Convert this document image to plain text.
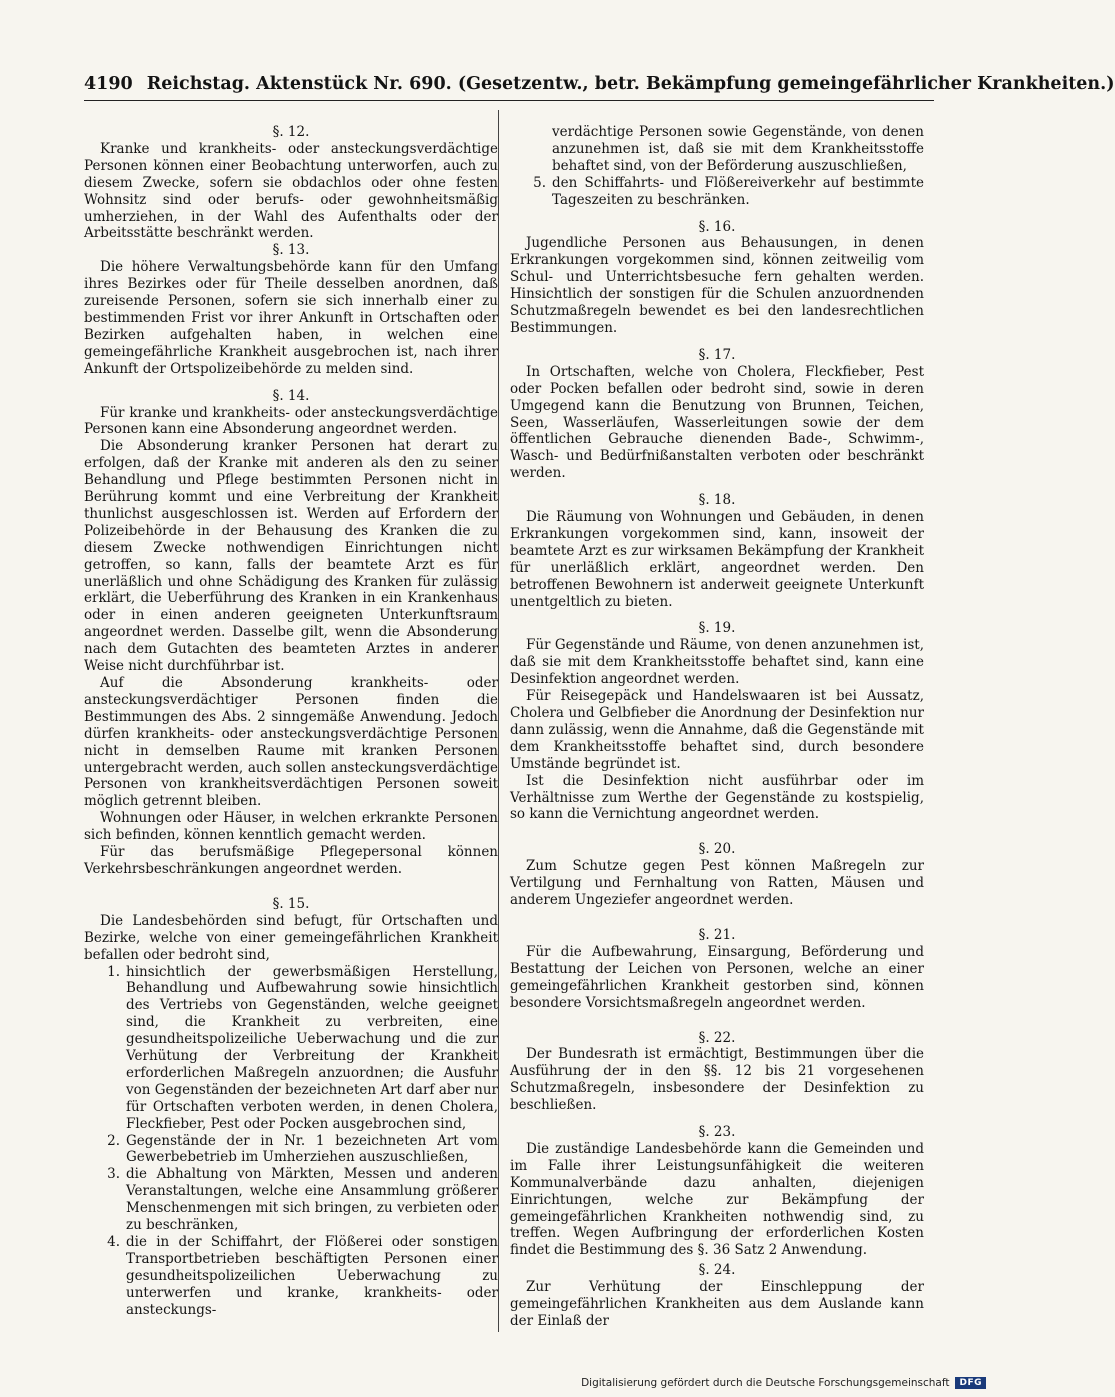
4190 Reichstag.
Aktenstück Nr. 690.
(Gesetzentw., betr. Bekämpfung gemeingefährlicher Krankheiten.)

§. 12.

Kranke und krankheits- oder ansteckungsverdächtige Personen können einer Beobachtung unterworfen, auch zu diesem Zwecke, sofern sie obdachlos oder ohne festen Wohnsitz sind oder berufs- oder gewohnheitsmäßig umherziehen, in der Wahl des Aufenthalts oder der Arbeitsstätte beschränkt werden.

§. 13.

Die höhere Verwaltungsbehörde kann für den Umfang ihres Bezirkes oder für Theile desselben anordnen, daß zureisende Personen, sofern sie sich innerhalb einer zu bestimmenden Frist vor ihrer Ankunft in Ortschaften oder Bezirken aufgehalten haben, in welchen eine gemeingefährliche Krankheit ausgebrochen ist, nach ihrer Ankunft der Ortspolizeibehörde zu melden sind.

§. 14.

Für kranke und krankheits- oder ansteckungsverdächtige Personen kann eine Absonderung angeordnet werden.

Die Absonderung kranker Personen hat derart zu erfolgen, daß der Kranke mit anderen als den zu seiner Behandlung und Pflege bestimmten Personen nicht in Berührung kommt und eine Verbreitung der Krankheit thunlichst ausgeschlossen ist. Werden auf Erfordern der Polizeibehörde in der Behausung des Kranken die zu diesem Zwecke nothwendigen Einrichtungen nicht getroffen, so kann, falls der beamtete Arzt es für unerläßlich und ohne Schädigung des Kranken für zulässig erklärt, die Ueberführung des Kranken in ein Krankenhaus oder in einen anderen geeigneten Unterkunftsraum angeordnet werden. Dasselbe gilt, wenn die Absonderung nach dem Gutachten des beamteten Arztes in anderer Weise nicht durchführbar ist.

Auf die Absonderung krankheits- oder ansteckungsverdächtiger Personen finden die Bestimmungen des Abs. 2 sinngemäße Anwendung. Jedoch dürfen krankheits- oder ansteckungsverdächtige Personen nicht in demselben Raume mit kranken Personen untergebracht werden, auch sollen ansteckungsverdächtige Personen von krankheitsverdächtigen Personen soweit möglich getrennt bleiben.

Wohnungen oder Häuser, in welchen erkrankte Personen sich befinden, können kenntlich gemacht werden.

Für das berufsmäßige Pflegepersonal können Verkehrsbeschränkungen angeordnet werden.

§. 15.

Die Landesbehörden sind befugt, für Ortschaften und Bezirke, welche von einer gemeingefährlichen Krankheit befallen oder bedroht sind,

1. hinsichtlich der gewerbsmäßigen Herstellung, Behandlung und Aufbewahrung sowie hinsichtlich des Vertriebs von Gegenständen, welche geeignet sind, die Krankheit zu verbreiten, eine gesundheitspolizeiliche Ueberwachung und die zur Verhütung der Verbreitung der Krankheit erforderlichen Maßregeln anzuordnen; die Ausfuhr von Gegenständen der bezeichneten Art darf aber nur für Ortschaften verboten werden, in denen Cholera, Fleckfieber, Pest oder Pocken ausgebrochen sind,
2. Gegenstände der in Nr. 1 bezeichneten Art vom Gewerbebetrieb im Umherziehen auszuschließen,
3. die Abhaltung von Märkten, Messen und anderen Veranstaltungen, welche eine Ansammlung größerer Menschenmengen mit sich bringen, zu verbieten oder zu beschränken,
4. die in der Schiffahrt, der Flößerei oder sonstigen Transportbetrieben beschäftigten Personen einer gesundheitspolizeilichen Ueberwachung zu unterwerfen und kranke, krankheits- oder ansteckungs-
verdächtige Personen sowie Gegenstände, von denen anzunehmen ist, daß sie mit dem Krankheitsstoffe behaftet sind, von der Beförderung auszuschließen,
5. den Schiffahrts- und Flößereiverkehr auf bestimmte Tageszeiten zu beschränken.

§. 16.

Jugendliche Personen aus Behausungen, in denen Erkrankungen vorgekommen sind, können zeitweilig vom Schul- und Unterrichtsbesuche fern gehalten werden. Hinsichtlich der sonstigen für die Schulen anzuordnenden Schutzmaßregeln bewendet es bei den landesrechtlichen Bestimmungen.

§. 17.

In Ortschaften, welche von Cholera, Fleckfieber, Pest oder Pocken befallen oder bedroht sind, sowie in deren Umgegend kann die Benutzung von Brunnen, Teichen, Seen, Wasserläufen, Wasserleitungen sowie der dem öffentlichen Gebrauche dienenden Bade-, Schwimm-, Wasch- und Bedürfnißanstalten verboten oder beschränkt werden.

§. 18.

Die Räumung von Wohnungen und Gebäuden, in denen Erkrankungen vorgekommen sind, kann, insoweit der beamtete Arzt es zur wirksamen Bekämpfung der Krankheit für unerläßlich erklärt, angeordnet werden. Den betroffenen Bewohnern ist anderweit geeignete Unterkunft unentgeltlich zu bieten.

§. 19.

Für Gegenstände und Räume, von denen anzunehmen ist, daß sie mit dem Krankheitsstoffe behaftet sind, kann eine Desinfektion angeordnet werden.

Für Reisegepäck und Handelswaaren ist bei Aussatz, Cholera und Gelbfieber die Anordnung der Desinfektion nur dann zulässig, wenn die Annahme, daß die Gegenstände mit dem Krankheitsstoffe behaftet sind, durch besondere Umstände begründet ist.

Ist die Desinfektion nicht ausführbar oder im Verhältnisse zum Werthe der Gegenstände zu kostspielig, so kann die Vernichtung angeordnet werden.

§. 20.

Zum Schutze gegen Pest können Maßregeln zur Vertilgung und Fernhaltung von Ratten, Mäusen und anderem Ungeziefer angeordnet werden.

§. 21.

Für die Aufbewahrung, Einsargung, Beförderung und Bestattung der Leichen von Personen, welche an einer gemeingefährlichen Krankheit gestorben sind, können besondere Vorsichtsmaßregeln angeordnet werden.

§. 22.

Der Bundesrath ist ermächtigt, Bestimmungen über die Ausführung der in den §§. 12 bis 21 vorgesehenen Schutzmaßregeln, insbesondere der Desinfektion zu beschließen.

§. 23.

Die zuständige Landesbehörde kann die Gemeinden und im Falle ihrer Leistungsunfähigkeit die weiteren Kommunalverbände dazu anhalten, diejenigen Einrichtungen, welche zur Bekämpfung der gemeingefährlichen Krankheiten nothwendig sind, zu treffen. Wegen Aufbringung der erforderlichen Kosten findet die Bestimmung des §. 36 Satz 2 Anwendung.

§. 24.

Zur Verhütung der Einschleppung der gemeingefährlichen Krankheiten aus dem Auslande kann der Einlaß der

Digitalisierung gefördert durch die Deutsche Forschungsgemeinschaft	DFG
